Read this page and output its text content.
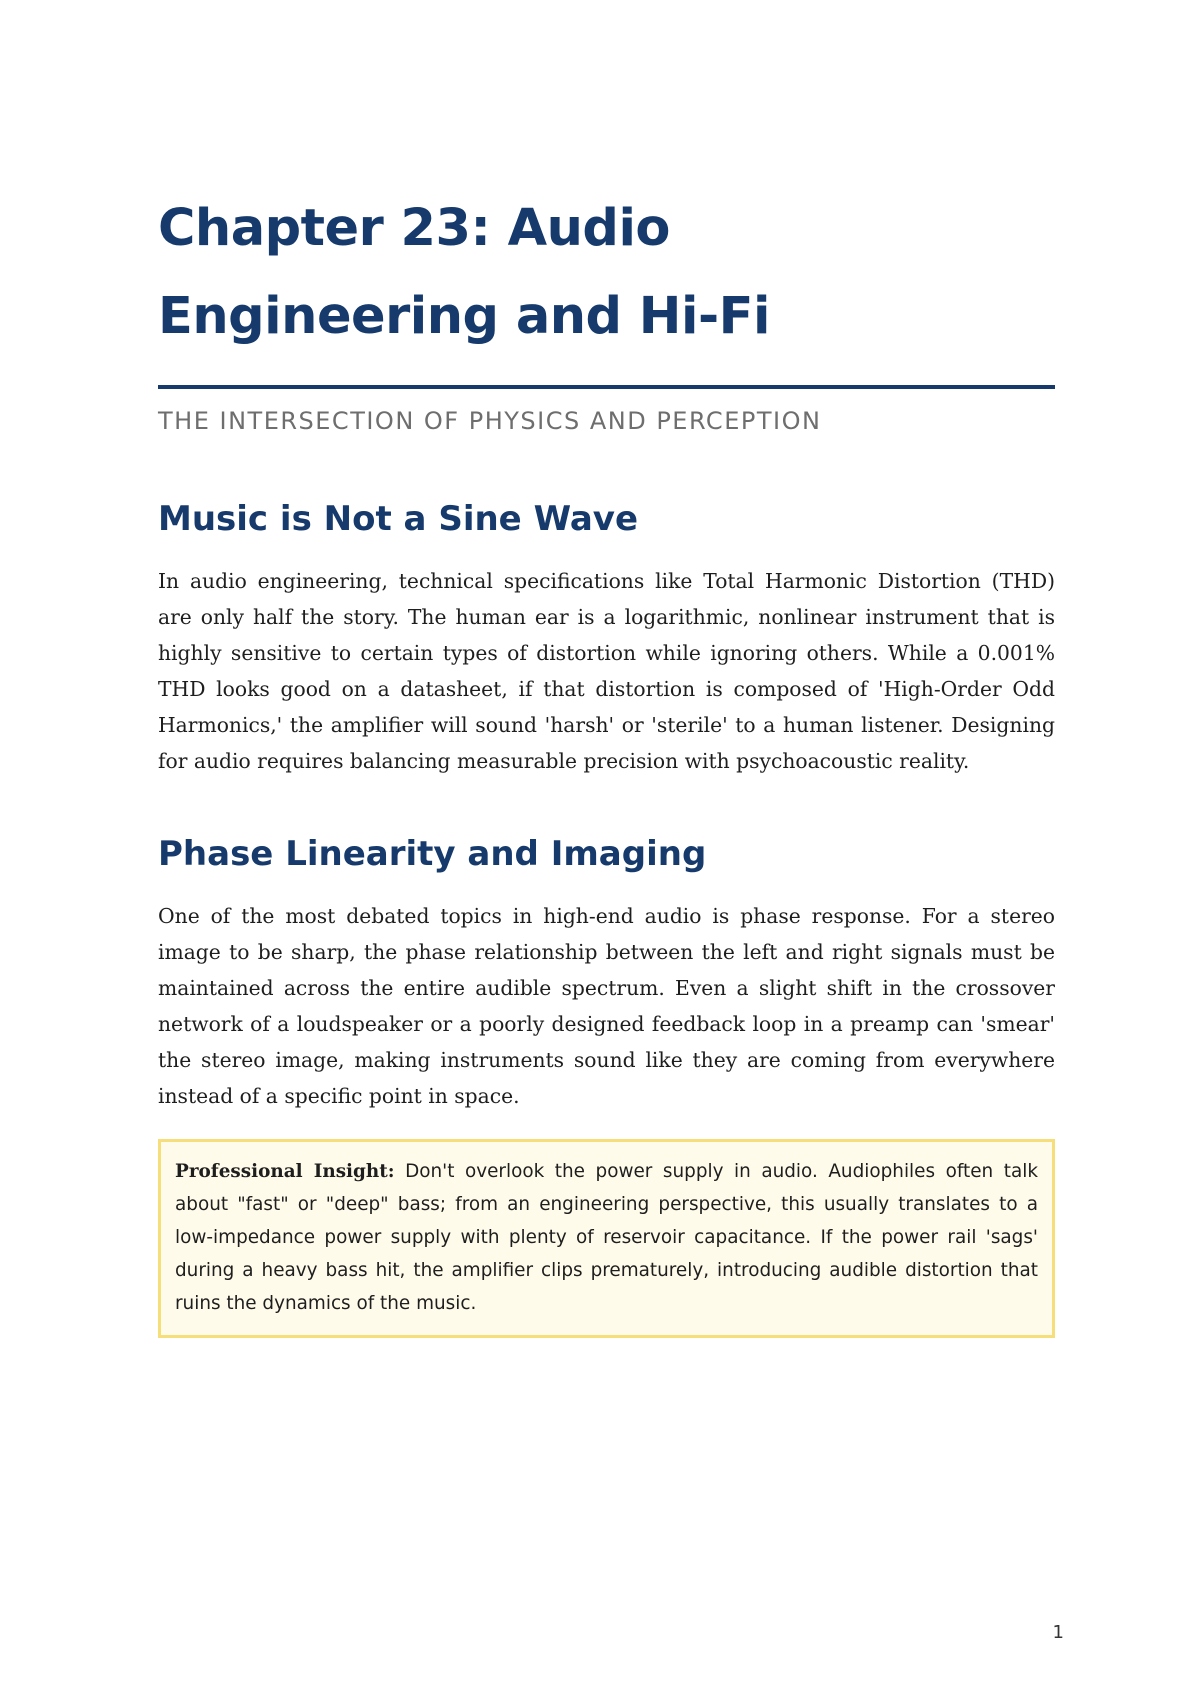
Chapter 23: Audio
Engineering and Hi-Fi
THE INTERSECTION OF PHYSICS AND PERCEPTION
Music is Not a Sine Wave

In audio engineering, technical specifications like Total Harmonic Distortion (THD) are only half the story. The human ear is a logarithmic, nonlinear instrument that is highly sensitive to certain types of distortion while ignoring others. While a 0.001% THD looks good on a datasheet, if that distortion is composed of 'High-Order Odd Harmonics,' the amplifier will sound 'harsh' or 'sterile' to a human listener. Designing for audio requires balancing measurable precision with psychoacoustic reality.

Phase Linearity and Imaging

One of the most debated topics in high-end audio is phase response. For a stereo image to be sharp, the phase relationship between the left and right signals must be maintained across the entire audible spectrum. Even a slight shift in the crossover network of a loudspeaker or a poorly designed feedback loop in a preamp can 'smear' the stereo image, making instruments sound like they are coming from everywhere instead of a specific point in space.

Professional Insight: Don't overlook the power supply in audio. Audiophiles often talk about "fast" or "deep" bass; from an engineering perspective, this usually translates to a low-impedance power supply with plenty of reservoir capacitance. If the power rail 'sags' during a heavy bass hit, the amplifier clips prematurely, introducing audible distortion that ruins the dynamics of the music.
1
